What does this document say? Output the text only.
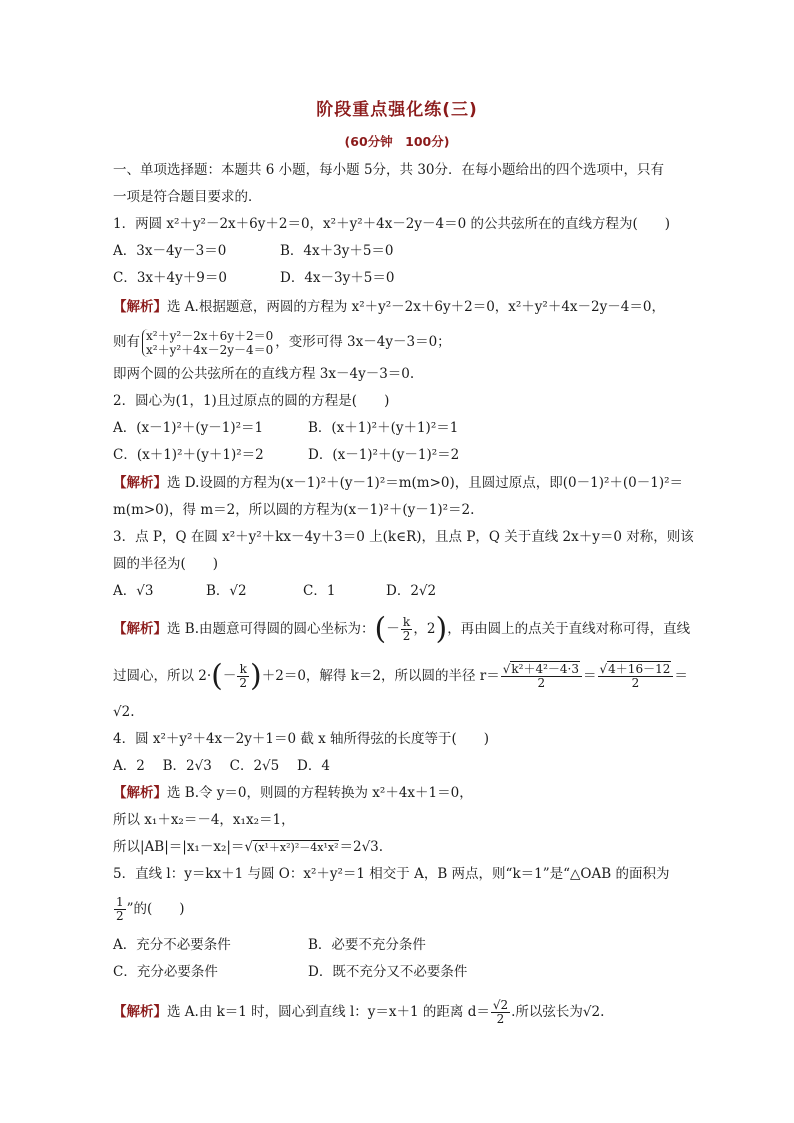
阶段重点强化练(三)
(60分钟　100分)
一、单项选择题：本题共 6 小题，每小题 5分，共 30分．在每小题给出的四个选项中，只有
一项是符合题目要求的．
1．两圆 x²＋y²－2x＋6y＋2＝0，x²＋y²＋4x－2y－4＝0 的公共弦所在的直线方程为(　　)
A．3x－4y－3＝0	B．4x＋3y＋5＝0
C．3x＋4y＋9＝0	D．4x－3y＋5＝0
【解析】选 A.根据题意，两圆的方程为 x²＋y²－2x＋6y＋2＝0，x²＋y²＋4x－2y－4＝0，
则有 x²＋y²－2x＋6y＋2＝0
x²＋y²＋4x－2y－4＝0 ，变形可得 3x－4y－3＝0；
即两个圆的公共弦所在的直线方程 3x－4y－3＝0.
2．圆心为(1，1)且过原点的圆的方程是(　　)
A．(x－1)²＋(y－1)²＝1	B．(x＋1)²＋(y＋1)²＝1
C．(x＋1)²＋(y＋1)²＝2	D．(x－1)²＋(y－1)²＝2
【解析】选 D.设圆的方程为(x－1)²＋(y－1)²＝m(m>0)，且圆过原点，即(0－1)²＋(0－1)²＝
m(m>0)，得 m＝2，所以圆的方程为(x－1)²＋(y－1)²＝2.
3．点 P，Q 在圆 x²＋y²＋kx－4y＋3＝0 上(k∈R)，且点 P，Q 关于直线 2x＋y＝0 对称，则该
圆的半径为(　　)
A．√3	B．√2	C．1	D．2√2
【解析】选 B.由题意可得圆的圆心坐标为：(－ $\frac{k}{2}$ ，2)，再由圆上的点关于直线对称可得，直线
过圆心，所以 $2\cdot(- \frac{k}{2} )+2=0$，解得 k＝2，所以圆的半径 $r= \frac{\text{√k²＋4²－4·3}}{2} = \frac{√4+16-12}{2}$ ＝
√2.
4．圆 x²＋y²＋4x－2y＋1＝0 截 x 轴所得弦的长度等于(　　)
A．2　 B．2√3　 C．2√5　 D．4
【解析】选 B.令 y＝0，则圆的方程转换为 x²＋4x＋1＝0，
所以 x₁＋x₂＝－4，x₁x₂＝1，
所以|AB|＝|x₁－x₂|＝√(x¹＋x²)²－4x¹x²＝2√3.
5．直线 l：y＝kx＋1 与圆 O：x²＋y²＝1 相交于 A，B 两点，则“k＝1”是“△OAB 的面积为
$\frac{1}{2}$ ”的(　　)
A．充分不必要条件	B．必要不充分条件
C．充分必要条件	D．既不充分又不必要条件
【解析】选 A.由 k＝1 时，圆心到直线 l：y＝x＋1 的距离 $d= \frac{√2}{2}$ .所以弦长为√2.
